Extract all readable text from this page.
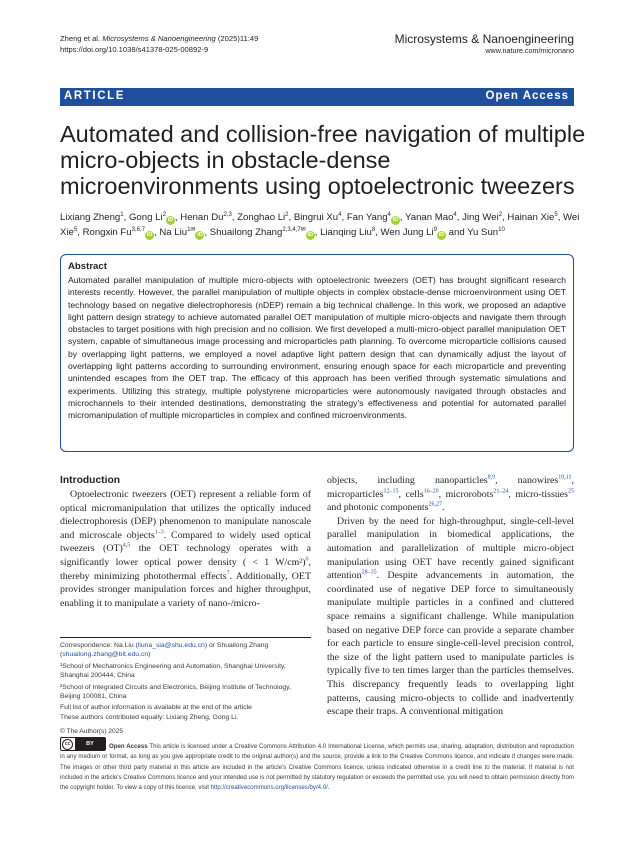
Zheng et al. Microsystems & Nanoengineering (2025)11:49
https://doi.org/10.1038/s41378-025-00892-9
Microsystems & Nanoengineering
www.nature.com/micronano
ARTICLE	Open Access
Automated and collision-free navigation of multiple micro-objects in obstacle-dense microenvironments using optoelectronic tweezers
Lixiang Zheng$^1$, Gong Li$^2$iD , Henan Du$^{2,3}$, Zonghao Li$^2$, Bingrui Xu$^4$, Fan Yang$^4$iD , Yanan Mao$^4$, Jing Wei$^2$, Hainan Xie$^5$, Wei Xie$^5$, Rongxin Fu$^{3,6,7}$iD , Na Liu$^{1✉}$iD , Shuailong Zhang$^{2,3,4,7✉}$iD , Lianqing Liu$^8$, Wen Jung Li$^9$iD and Yu Sun$^{10}$
Abstract
Automated parallel manipulation of multiple micro-objects with optoelectronic tweezers (OET) has brought significant research interests recently. However, the parallel manipulation of multiple objects in complex obstacle-dense microenvironment using OET technology based on negative dielectrophoresis (nDEP) remain a big technical challenge. In this work, we proposed an adaptive light pattern design strategy to achieve automated parallel OET manipulation of multiple micro-objects and navigate them through obstacles to target positions with high precision and no collision. We first developed a multi-micro-object parallel manipulation OET system, capable of simultaneous image processing and microparticles path planning. To overcome microparticle collisions caused by overlapping light patterns, we employed a novel adaptive light pattern design that can dynamically adjust the layout of overlapping light patterns according to surrounding environment, ensuring enough space for each microparticle and preventing unintended escapes from the OET trap. The efficacy of this approach has been verified through systematic simulations and experiments. Utilizing this strategy, multiple polystyrene microparticles were autonomously navigated through obstacles and microchannels to their intended destinations, demonstrating the strategy's effectiveness and potential for automated parallel micromanipulation of multiple microparticles in complex and confined microenvironments.
Introduction

Optoelectronic tweezers (OET) represent a reliable form of optical micromanipulation that utilizes the optically induced dielectrophoresis (DEP) phenomenon to manipulate nanoscale and microscale objects$^{1-3}$. Compared to widely used optical tweezers (OT)$^{4,5}$ the OET technology operates with a significantly lower optical power density ( < 1 W/cm²)$^6$, thereby minimizing photothermal effects$^7$. Additionally, OET provides stronger manipulation forces and higher throughput, enabling it to manipulate a variety of nano-/micro-

objects, including nanoparticles$^{8,9}$, nanowires$^{10,11}$, microparticles$^{12-15}$, cells$^{16-20}$, microrobots$^{21-24}$, micro-tissues$^{25}$ and photonic components$^{26,27}$.

Driven by the need for high-throughput, single-cell-level parallel manipulation in biomedical applications, the automation and parallelization of multiple micro-object manipulation using OET have recently gained significant attention$^{28-35}$. Despite advancements in automation, the coordinated use of negative DEP force to simultaneously manipulate multiple particles in a confined and cluttered space remains a significant challenge. While manipulation based on negative DEP force can provide a separate chamber for each particle to ensure single-cell-level precision control, the size of the light pattern used to manipulate particles is typically five to ten times larger than the particles themselves. This discrepancy frequently leads to overlapping light patterns, causing micro-objects to collide and inadvertently escape their traps. A conventional mitigation

Correspondence: Na Liu (liuna_sia@shu.edu.cn) or Shuailong Zhang
(shuailong.zhang@bit.edu.cn)
¹School of Mechatronics Engineering and Automation, Shanghai University, Shanghai 200444, China
²School of Integrated Circuits and Electronics, Beijing Institute of Technology, Beijing 100081, China
Full list of author information is available at the end of the article
These authors contributed equally: Lixiang Zheng, Gong Li.
© The Author(s) 2025
cc	BY	Open Access This article is licensed under a Creative Commons Attribution 4.0 International License, which permits use, sharing, adaptation, distribution and reproduction in any medium or format, as long as you give appropriate credit to the original author(s) and the source, provide a link to the Creative Commons licence, and indicate if changes were made. The images or other third party material in this article are included in the article's Creative Commons licence, unless indicated otherwise in a credit line to the material. If material is not included in the article's Creative Commons licence and your intended use is not permitted by statutory regulation or exceeds the permitted use, you will need to obtain permission directly from the copyright holder. To view a copy of this licence, visit http://creativecommons.org/licenses/by/4.0/.
